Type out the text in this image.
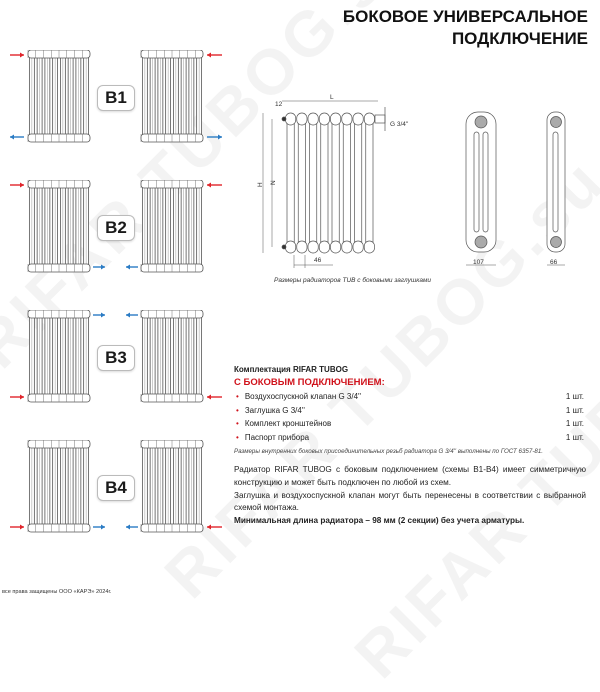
БОКОВОЕ УНИВЕРСАЛЬНОЕ
ПОДКЛЮЧЕНИЕ
B1
B2
B3
B4
12
L
H N
46
G 3/4''
107	66
Размеры радиаторов TUB с боковыми заглушками
Комплектация RIFAR TUBOG
С БОКОВЫМ ПОДКЛЮЧЕНИЕМ:
• Воздухоспускной клапан G 3/4''	1 шт.
• Заглушка G 3/4''	1 шт.
• Комплект кронштейнов	1 шт.
• Паспорт прибора	1 шт.
Размеры внутренних боковых присоединительных резьб радиатора G 3/4'' выполнены по ГОСТ 6357-81.

Радиатор RIFAR TUBOG с боковым подключением (схемы B1-B4) имеет симметричную конструкцию и может быть подключен по любой из схем.

Заглушка и воздухоспускной клапан могут быть перенесены в соответствии с выбранной схемой монтажа.

Минимальная длина радиатора – 98 мм (2 секции) без учета арматуры.

все права защищены ООО «КАРЭ» 2024г.
